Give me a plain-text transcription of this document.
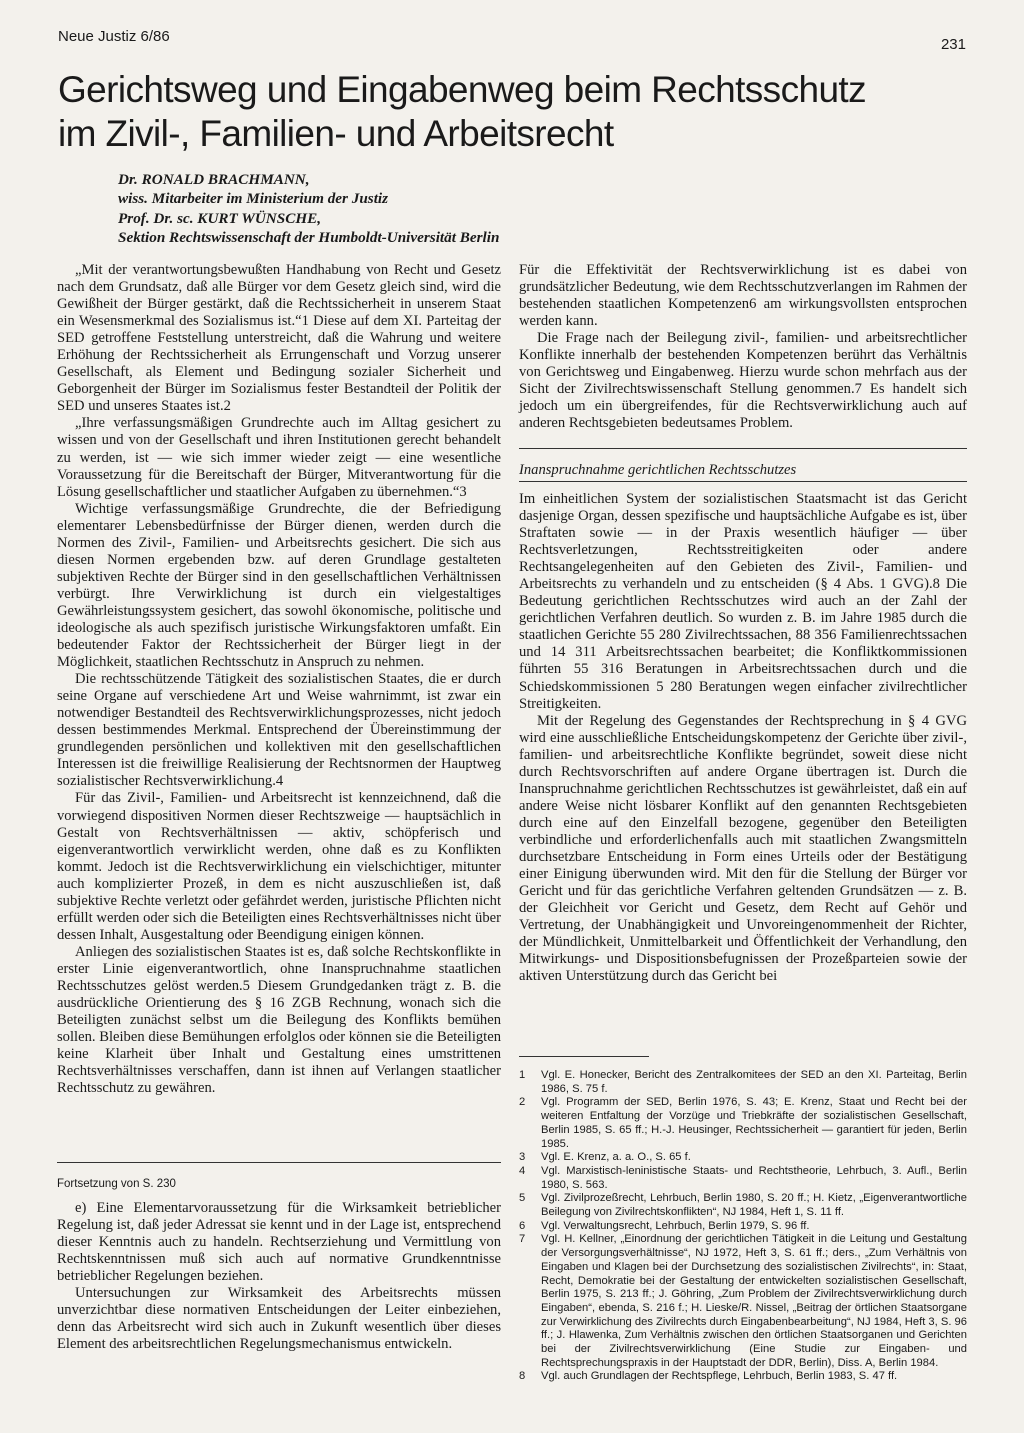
Neue Justiz 6/86	231
Gerichtsweg und Eingabenweg beim Rechtsschutz
im Zivil-, Familien- und Arbeitsrecht
Dr. RONALD BRACHMANN,
wiss. Mitarbeiter im Ministerium der Justiz
Prof. Dr. sc. KURT WÜNSCHE,
Sektion Rechtswissenschaft der Humboldt-Universität Berlin

„Mit der verantwortungsbewußten Handhabung von Recht und Gesetz nach dem Grundsatz, daß alle Bürger vor dem Gesetz gleich sind, wird die Gewißheit der Bürger gestärkt, daß die Rechtssicherheit in unserem Staat ein Wesensmerkmal des Sozialismus ist.“1 Diese auf dem XI. Parteitag der SED getroffene Feststellung unterstreicht, daß die Wahrung und weitere Erhöhung der Rechtssicherheit als Errungenschaft und Vorzug unserer Gesellschaft, als Element und Bedingung sozialer Sicherheit und Geborgenheit der Bürger im Sozialismus fester Bestandteil der Politik der SED und unseres Staates ist.2

„Ihre verfassungsmäßigen Grundrechte auch im Alltag gesichert zu wissen und von der Gesellschaft und ihren Institutionen gerecht behandelt zu werden, ist — wie sich immer wieder zeigt — eine wesentliche Voraussetzung für die Bereitschaft der Bürger, Mitverantwortung für die Lösung gesellschaftlicher und staatlicher Aufgaben zu übernehmen.“3

Wichtige verfassungsmäßige Grundrechte, die der Befriedigung elementarer Lebensbedürfnisse der Bürger dienen, werden durch die Normen des Zivil-, Familien- und Arbeitsrechts gesichert. Die sich aus diesen Normen ergebenden bzw. auf deren Grundlage gestalteten subjektiven Rechte der Bürger sind in den gesellschaftlichen Verhältnissen verbürgt. Ihre Verwirklichung ist durch ein vielgestaltiges Gewährleistungssystem gesichert, das sowohl ökonomische, politische und ideologische als auch spezifisch juristische Wirkungsfaktoren umfaßt. Ein bedeutender Faktor der Rechtssicherheit der Bürger liegt in der Möglichkeit, staatlichen Rechtsschutz in Anspruch zu nehmen.

Die rechtsschützende Tätigkeit des sozialistischen Staates, die er durch seine Organe auf verschiedene Art und Weise wahrnimmt, ist zwar ein notwendiger Bestandteil des Rechtsverwirklichungsprozesses, nicht jedoch dessen bestimmendes Merkmal. Entsprechend der Übereinstimmung der grundlegenden persönlichen und kollektiven mit den gesellschaftlichen Interessen ist die freiwillige Realisierung der Rechtsnormen der Hauptweg sozialistischer Rechtsverwirklichung.4

Für das Zivil-, Familien- und Arbeitsrecht ist kennzeichnend, daß die vorwiegend dispositiven Normen dieser Rechtszweige — hauptsächlich in Gestalt von Rechtsverhältnissen — aktiv, schöpferisch und eigenverantwortlich verwirklicht werden, ohne daß es zu Konflikten kommt. Jedoch ist die Rechtsverwirklichung ein vielschichtiger, mitunter auch komplizierter Prozeß, in dem es nicht auszuschließen ist, daß subjektive Rechte verletzt oder gefährdet werden, juristische Pflichten nicht erfüllt werden oder sich die Beteiligten eines Rechtsverhältnisses nicht über dessen Inhalt, Ausgestaltung oder Beendigung einigen können.

Anliegen des sozialistischen Staates ist es, daß solche Rechtskonflikte in erster Linie eigenverantwortlich, ohne Inanspruchnahme staatlichen Rechtsschutzes gelöst werden.5 Diesem Grundgedanken trägt z. B. die ausdrückliche Orientierung des § 16 ZGB Rechnung, wonach sich die Beteiligten zunächst selbst um die Beilegung des Konflikts bemühen sollen. Bleiben diese Bemühungen erfolglos oder können sie die Beteiligten keine Klarheit über Inhalt und Gestaltung eines umstrittenen Rechtsverhältnisses verschaffen, dann ist ihnen auf Verlangen staatlicher Rechtsschutz zu gewähren.

Fortsetzung von S. 230

e) Eine Elementarvoraussetzung für die Wirksamkeit betrieblicher Regelung ist, daß jeder Adressat sie kennt und in der Lage ist, entsprechend dieser Kenntnis auch zu handeln. Rechtserziehung und Vermittlung von Rechtskenntnissen muß sich auch auf normative Grundkenntnisse betrieblicher Regelungen beziehen.

Untersuchungen zur Wirksamkeit des Arbeitsrechts müssen unverzichtbar diese normativen Entscheidungen der Leiter einbeziehen, denn das Arbeitsrecht wird sich auch in Zukunft wesentlich über dieses Element des arbeitsrechtlichen Regelungsmechanismus entwickeln.

Für die Effektivität der Rechtsverwirklichung ist es dabei von grundsätzlicher Bedeutung, wie dem Rechtsschutzverlangen im Rahmen der bestehenden staatlichen Kompetenzen6 am wirkungsvollsten entsprochen werden kann.

Die Frage nach der Beilegung zivil-, familien- und arbeitsrechtlicher Konflikte innerhalb der bestehenden Kompetenzen berührt das Verhältnis von Gerichtsweg und Eingabenweg. Hierzu wurde schon mehrfach aus der Sicht der Zivilrechtswissenschaft Stellung genommen.7 Es handelt sich jedoch um ein übergreifendes, für die Rechtsverwirklichung auch auf anderen Rechtsgebieten bedeutsames Problem.

Inanspruchnahme gerichtlichen Rechtsschutzes

Im einheitlichen System der sozialistischen Staatsmacht ist das Gericht dasjenige Organ, dessen spezifische und hauptsächliche Aufgabe es ist, über Straftaten sowie — in der Praxis wesentlich häufiger — über Rechtsverletzungen, Rechtsstreitigkeiten oder andere Rechtsangelegenheiten auf den Gebieten des Zivil-, Familien- und Arbeitsrechts zu verhandeln und zu entscheiden (§ 4 Abs. 1 GVG).8 Die Bedeutung gerichtlichen Rechtsschutzes wird auch an der Zahl der gerichtlichen Verfahren deutlich. So wurden z. B. im Jahre 1985 durch die staatlichen Gerichte 55 280 Zivilrechtssachen, 88 356 Familienrechtssachen und 14 311 Arbeitsrechtssachen bearbeitet; die Konfliktkommissionen führten 55 316 Beratungen in Arbeitsrechtssachen durch und die Schiedskommissionen 5 280 Beratungen wegen einfacher zivilrechtlicher Streitigkeiten.

Mit der Regelung des Gegenstandes der Rechtsprechung in § 4 GVG wird eine ausschließliche Entscheidungskompetenz der Gerichte über zivil-, familien- und arbeitsrechtliche Konflikte begründet, soweit diese nicht durch Rechtsvorschriften auf andere Organe übertragen ist. Durch die Inanspruchnahme gerichtlichen Rechtsschutzes ist gewährleistet, daß ein auf andere Weise nicht lösbarer Konflikt auf den genannten Rechtsgebieten durch eine auf den Einzelfall bezogene, gegenüber den Beteiligten verbindliche und erforderlichenfalls auch mit staatlichen Zwangsmitteln durchsetzbare Entscheidung in Form eines Urteils oder der Bestätigung einer Einigung überwunden wird. Mit den für die Stellung der Bürger vor Gericht und für das gerichtliche Verfahren geltenden Grundsätzen — z. B. der Gleichheit vor Gericht und Gesetz, dem Recht auf Gehör und Vertretung, der Unabhängigkeit und Unvoreingenommenheit der Richter, der Mündlichkeit, Unmittelbarkeit und Öffentlichkeit der Verhandlung, den Mitwirkungs- und Dispositionsbefugnissen der Prozeßparteien sowie der aktiven Unterstützung durch das Gericht bei

1	Vgl. E. Honecker, Bericht des Zentralkomitees der SED an den XI. Parteitag, Berlin 1986, S. 75 f.
2	Vgl. Programm der SED, Berlin 1976, S. 43; E. Krenz, Staat und Recht bei der weiteren Entfaltung der Vorzüge und Triebkräfte der sozialistischen Gesellschaft, Berlin 1985, S. 65 ff.; H.-J. Heusinger, Rechtssicherheit — garantiert für jeden, Berlin 1985.
3	Vgl. E. Krenz, a. a. O., S. 65 f.
4	Vgl. Marxistisch-leninistische Staats- und Rechtstheorie, Lehrbuch, 3. Aufl., Berlin 1980, S. 563.
5	Vgl. Zivilprozeßrecht, Lehrbuch, Berlin 1980, S. 20 ff.; H. Kietz, „Eigenverantwortliche Beilegung von Zivilrechtskonflikten“, NJ 1984, Heft 1, S. 11 ff.
6	Vgl. Verwaltungsrecht, Lehrbuch, Berlin 1979, S. 96 ff.
7	Vgl. H. Kellner, „Einordnung der gerichtlichen Tätigkeit in die Leitung und Gestaltung der Versorgungsverhältnisse“, NJ 1972, Heft 3, S. 61 ff.; ders., „Zum Verhältnis von Eingaben und Klagen bei der Durchsetzung des sozialistischen Zivilrechts“, in: Staat, Recht, Demokratie bei der Gestaltung der entwickelten sozialistischen Gesellschaft, Berlin 1975, S. 213 ff.; J. Göhring, „Zum Problem der Zivilrechtsverwirklichung durch Eingaben“, ebenda, S. 216 f.; H. Lieske/R. Nissel, „Beitrag der örtlichen Staatsorgane zur Verwirklichung des Zivilrechts durch Eingabenbearbeitung“, NJ 1984, Heft 3, S. 96 ff.; J. Hlawenka, Zum Verhältnis zwischen den örtlichen Staatsorganen und Gerichten bei der Zivilrechtsverwirklichung (Eine Studie zur Eingaben- und Rechtsprechungspraxis in der Hauptstadt der DDR, Berlin), Diss. A, Berlin 1984.
8	Vgl. auch Grundlagen der Rechtspflege, Lehrbuch, Berlin 1983, S. 47 ff.
